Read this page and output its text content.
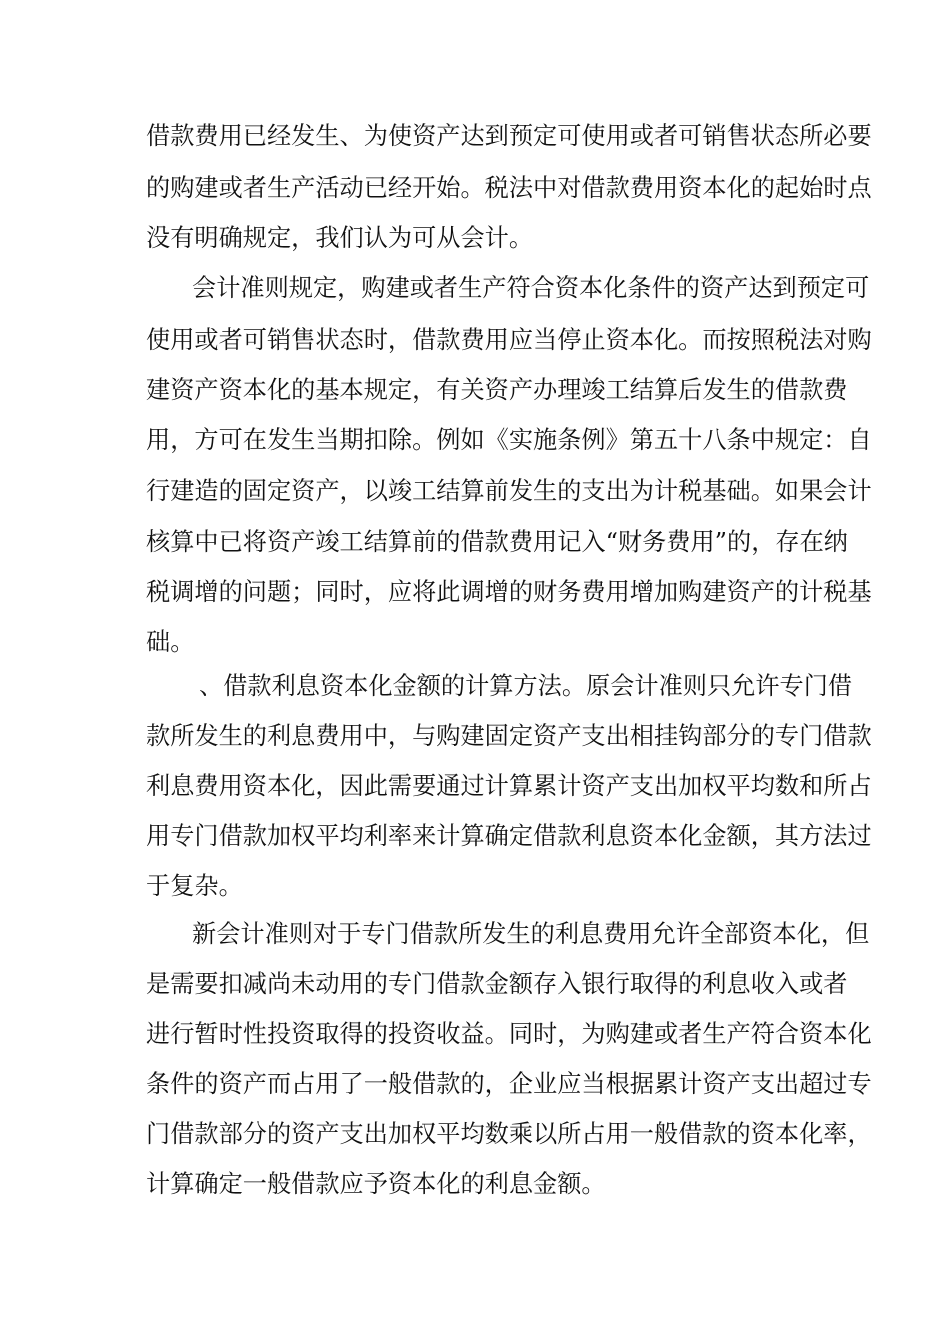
借款费用已经发生、为使资产达到预定可使用或者可销售状态所必要
的购建或者生产活动已经开始。税法中对借款费用资本化的起始时点
没有明确规定，我们认为可从会计。
会计准则规定，购建或者生产符合资本化条件的资产达到预定可
使用或者可销售状态时，借款费用应当停止资本化。而按照税法对购
建资产资本化的基本规定，有关资产办理竣工结算后发生的借款费
用，方可在发生当期扣除。例如《实施条例》第五十八条中规定：自
行建造的固定资产，以竣工结算前发生的支出为计税基础。如果会计
核算中已将资产竣工结算前的借款费用记入“财务费用”的，存在纳
税调增的问题；同时，应将此调增的财务费用增加购建资产的计税基
础。
、借款利息资本化金额的计算方法。原会计准则只允许专门借
款所发生的利息费用中，与购建固定资产支出相挂钩部分的专门借款
利息费用资本化，因此需要通过计算累计资产支出加权平均数和所占
用专门借款加权平均利率来计算确定借款利息资本化金额，其方法过
于复杂。
新会计准则对于专门借款所发生的利息费用允许全部资本化，但
是需要扣减尚未动用的专门借款金额存入银行取得的利息收入或者
进行暂时性投资取得的投资收益。同时，为购建或者生产符合资本化
条件的资产而占用了一般借款的，企业应当根据累计资产支出超过专
门借款部分的资产支出加权平均数乘以所占用一般借款的资本化率，
计算确定一般借款应予资本化的利息金额。
